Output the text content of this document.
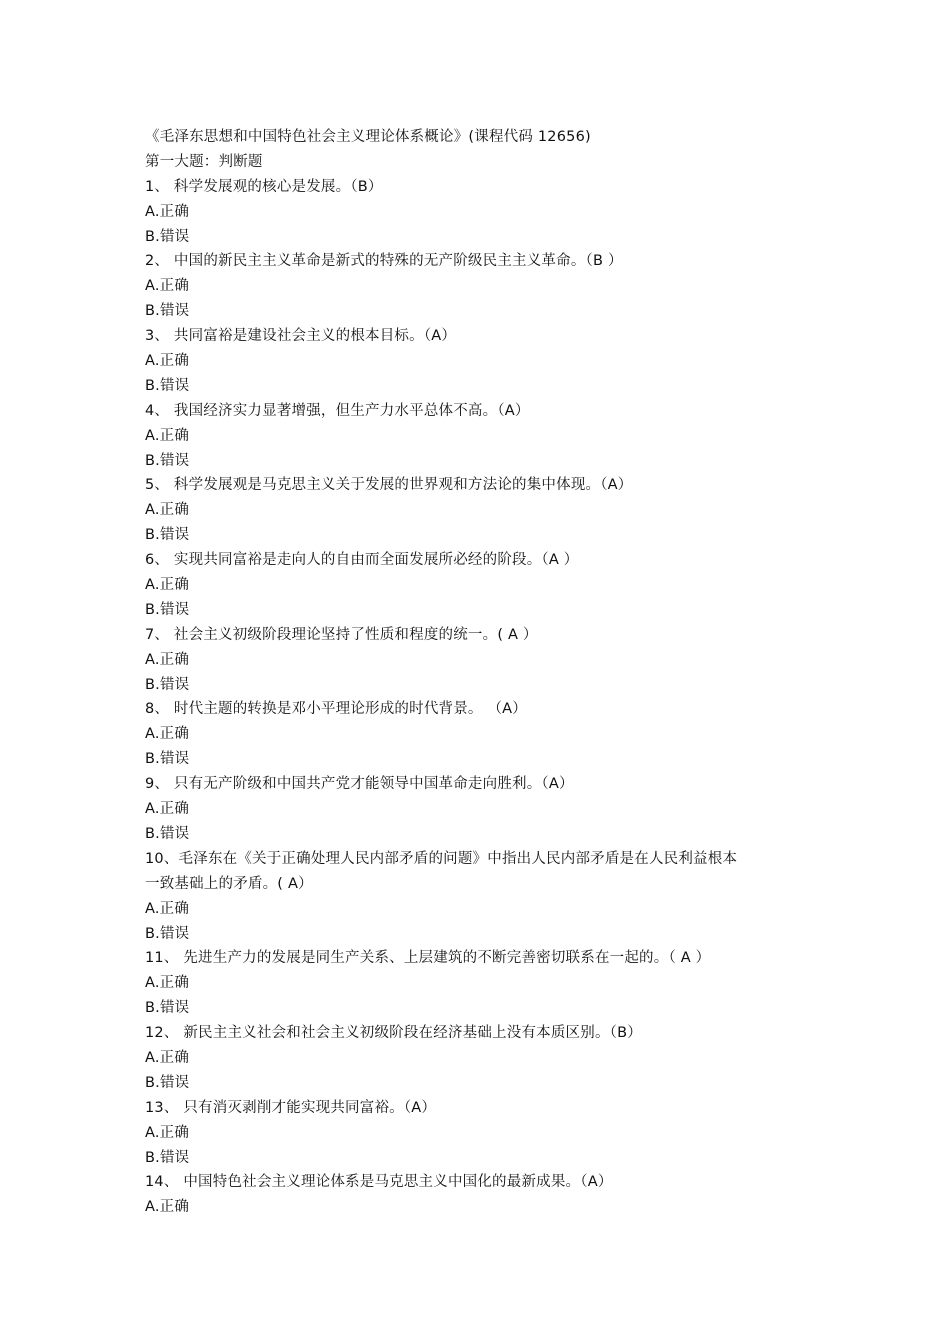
《毛泽东思想和中国特色社会主义理论体系概论》(课程代码 12656)
第一大题：判断题
1、 科学发展观的核心是发展。（B）
A.正确
B.错误
2、 中国的新民主主义革命是新式的特殊的无产阶级民主主义革命。（B ）
A.正确
B.错误
3、 共同富裕是建设社会主义的根本目标。（A）
A.正确
B.错误
4、 我国经济实力显著增强，但生产力水平总体不高。（A）
A.正确
B.错误
5、 科学发展观是马克思主义关于发展的世界观和方法论的集中体现。（A）
A.正确
B.错误
6、 实现共同富裕是走向人的自由而全面发展所必经的阶段。（A ）
A.正确
B.错误
7、 社会主义初级阶段理论坚持了性质和程度的统一。( A ）
A.正确
B.错误
8、 时代主题的转换是邓小平理论形成的时代背景。 （A）
A.正确
B.错误
9、 只有无产阶级和中国共产党才能领导中国革命走向胜利。（A）
A.正确
B.错误
10、毛泽东在《关于正确处理人民内部矛盾的问题》中指出人民内部矛盾是在人民利益根本
一致基础上的矛盾。( A）
A.正确
B.错误
11、 先进生产力的发展是同生产关系、上层建筑的不断完善密切联系在一起的。（ A ）
A.正确
B.错误
12、 新民主主义社会和社会主义初级阶段在经济基础上没有本质区别。（B）
A.正确
B.错误
13、 只有消灭剥削才能实现共同富裕。（A）
A.正确
B.错误
14、 中国特色社会主义理论体系是马克思主义中国化的最新成果。（A）
A.正确
